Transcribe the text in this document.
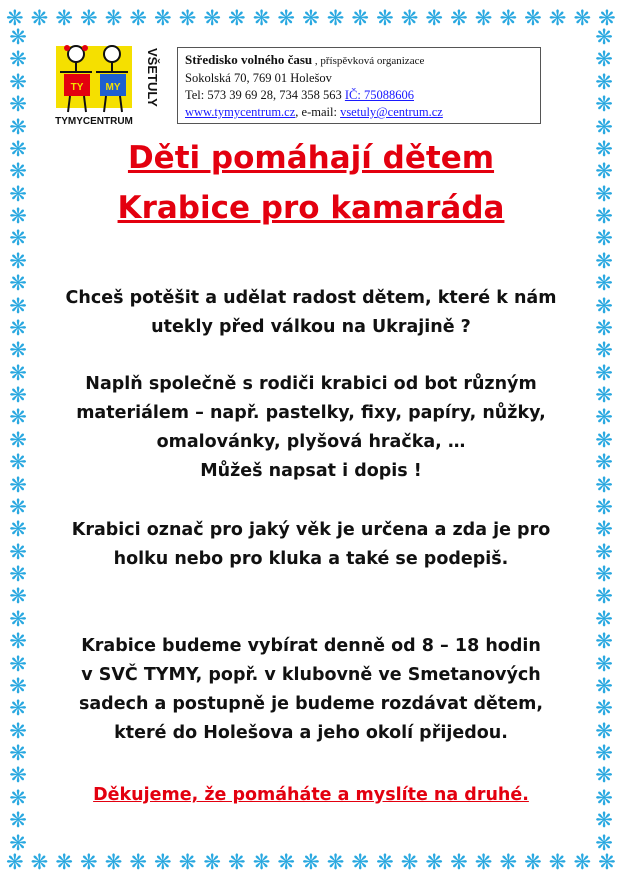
❋ ❋ ❋ ❋ ❋ ❋ ❋ ❋ ❋ ❋ ❋ ❋ ❋ ❋ ❋ ❋ ❋ ❋ ❋ ❋ ❋ ❋ ❋ ❋ ❋
❋ ❋ ❋ ❋ ❋ ❋ ❋ ❋ ❋ ❋ ❋ ❋ ❋ ❋ ❋ ❋ ❋ ❋ ❋ ❋ ❋ ❋ ❋ ❋ ❋
❋
❋
❋
❋
❋
❋
❋
❋
❋
❋
❋
❋
❋
❋
❋
❋
❋
❋
❋
❋
❋
❋
❋
❋
❋
❋
❋
❋
❋
❋
❋
❋
❋
❋
❋
❋
❋
❋
❋
❋
❋
❋
❋
❋
❋
❋
❋
❋
❋
❋
❋
❋
❋
❋
❋
❋
❋
❋
❋
❋
❋
❋
❋
❋
❋
❋
❋
❋
❋
❋
❋
❋
❋
❋
TY MY
TYMYCENTRUM
VŠETULY Středisko volného času , příspěvková organizace
Sokolská 70, 769 01 Holešov
Tel: 573 39 69 28, 734 358 563 IČ: 75088606
www.tymycentrum.cz, e-mail: vsetuly@centrum.cz
Děti pomáhají dětem
Krabice pro kamaráda
Chceš potěšit a udělat radost dětem, které k nám
utekly před válkou na Ukrajině ?
Naplň společně s rodiči krabici od bot různým
materiálem – např. pastelky, fixy, papíry, nůžky,
omalovánky, plyšová hračka, …
Můžeš napsat i dopis !
Krabici označ pro jaký věk je určena a zda je pro
holku nebo pro kluka a také se podepiš.
Krabice budeme vybírat denně od 8 – 18 hodin
v SVČ TYMY, popř. v klubovně ve Smetanových
sadech a postupně je budeme rozdávat dětem,
které do Holešova a jeho okolí přijedou.
Děkujeme, že pomáháte a myslíte na druhé.
